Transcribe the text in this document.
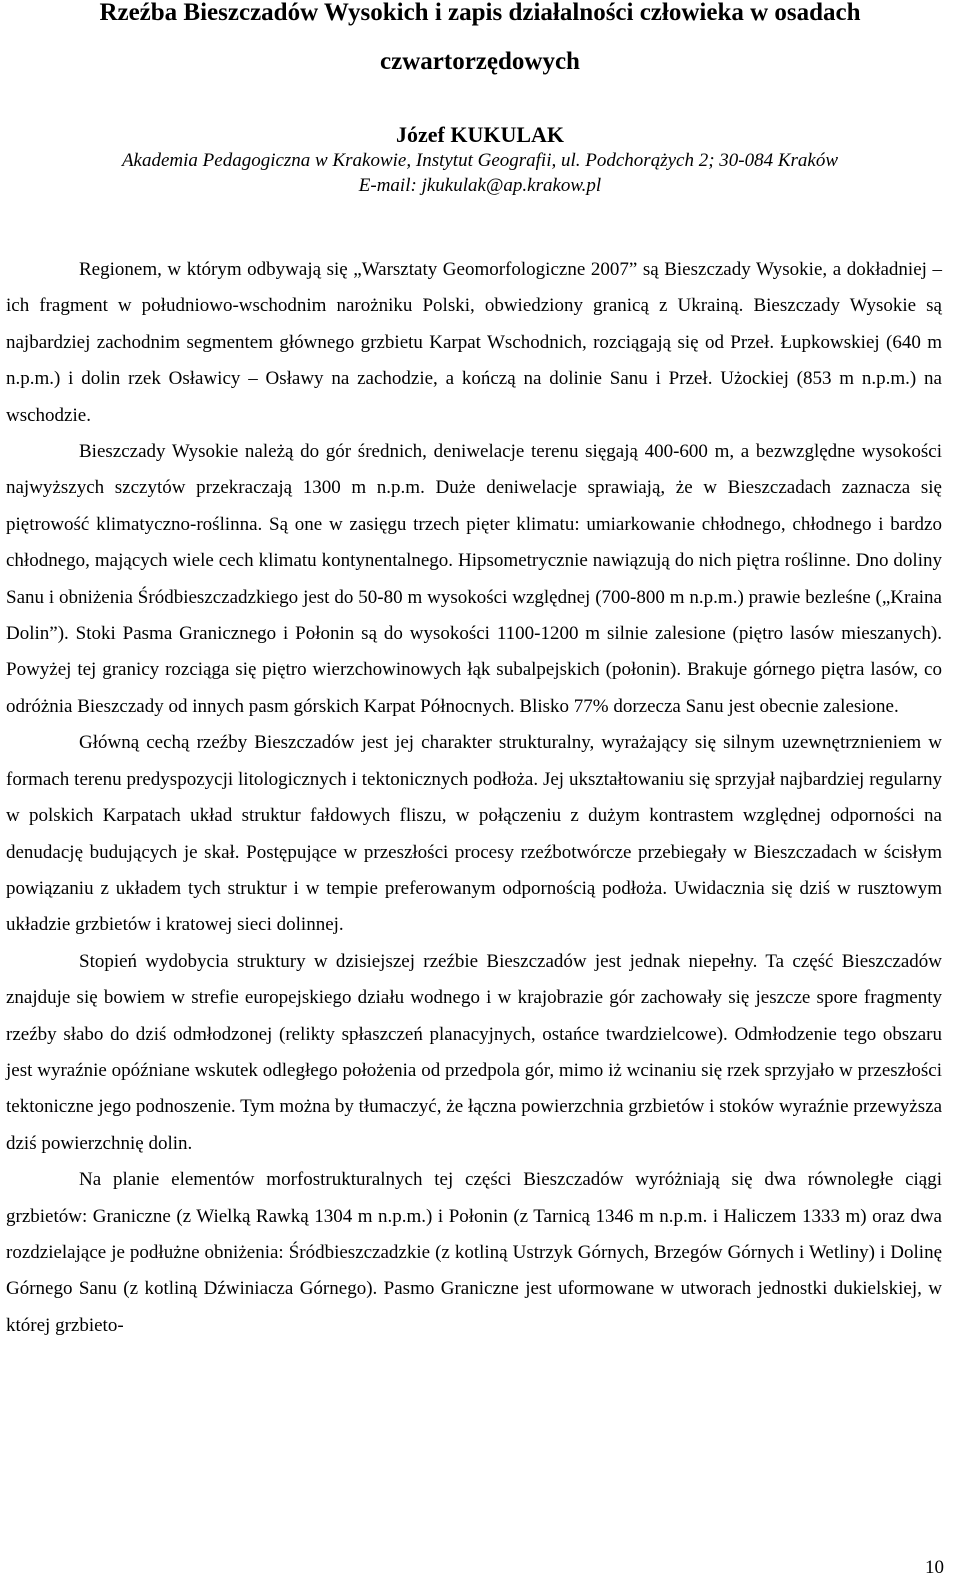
Rzeźba Bieszczadów Wysokich i zapis działalności człowieka w osadach
czwartorzędowych

Józef KUKULAK

Akademia Pedagogiczna w Krakowie, Instytut Geografii, ul. Podchorążych 2; 30-084 Kraków

E-mail: jkukulak@ap.krakow.pl

Regionem, w którym odbywają się „Warsztaty Geomorfologiczne 2007” są Bieszczady Wysokie, a dokładniej – ich fragment w południowo-wschodnim narożniku Polski, obwiedziony granicą z Ukrainą. Bieszczady Wysokie są najbardziej zachodnim segmentem głównego grzbietu Karpat Wschodnich, rozciągają się od Przeł. Łupkowskiej (640 m n.p.m.) i dolin rzek Osławicy – Osławy na zachodzie, a kończą na dolinie Sanu i Przeł. Użockiej (853 m n.p.m.) na wschodzie.

Bieszczady Wysokie należą do gór średnich, deniwelacje terenu sięgają 400-600 m, a bezwzględne wysokości najwyższych szczytów przekraczają 1300 m n.p.m. Duże deniwelacje sprawiają, że w Bieszczadach zaznacza się piętrowość klimatyczno-roślinna. Są one w zasięgu trzech pięter klimatu: umiarkowanie chłodnego, chłodnego i bardzo chłodnego, mających wiele cech klimatu kontynentalnego. Hipsometrycznie nawiązują do nich piętra roślinne. Dno doliny Sanu i obniżenia Śródbieszczadzkiego jest do 50-80 m wysokości względnej (700-800 m n.p.m.) prawie bezleśne („Kraina Dolin”). Stoki Pasma Granicznego i Połonin są do wysokości 1100-1200 m silnie zalesione (piętro lasów mieszanych). Powyżej tej granicy rozciąga się piętro wierzchowinowych łąk subalpejskich (połonin). Brakuje górnego piętra lasów, co odróżnia Bieszczady od innych pasm górskich Karpat Północnych. Blisko 77% dorzecza Sanu jest obecnie zalesione.

Główną cechą rzeźby Bieszczadów jest jej charakter strukturalny, wyrażający się silnym uzewnętrznieniem w formach terenu predyspozycji litologicznych i tektonicznych podłoża. Jej ukształtowaniu się sprzyjał najbardziej regularny w polskich Karpatach układ struktur fałdowych fliszu, w połączeniu z dużym kontrastem względnej odporności na denudację budujących je skał. Postępujące w przeszłości procesy rzeźbotwórcze przebiegały w Bieszczadach w ścisłym powiązaniu z układem tych struktur i w tempie preferowanym odpornością podłoża. Uwidacznia się dziś w rusztowym układzie grzbietów i kratowej sieci dolinnej.

Stopień wydobycia struktury w dzisiejszej rzeźbie Bieszczadów jest jednak niepełny. Ta część Bieszczadów znajduje się bowiem w strefie europejskiego działu wodnego i w krajobrazie gór zachowały się jeszcze spore fragmenty rzeźby słabo do dziś odmłodzonej (relikty spłaszczeń planacyjnych, ostańce twardzielcowe). Odmłodzenie tego obszaru jest wyraźnie opóźniane wskutek odległego położenia od przedpola gór, mimo iż wcinaniu się rzek sprzyjało w przeszłości tektoniczne jego podnoszenie. Tym można by tłumaczyć, że łączna powierzchnia grzbietów i stoków wyraźnie przewyższa dziś powierzchnię dolin.

Na planie elementów morfostrukturalnych tej części Bieszczadów wyróżniają się dwa równoległe ciągi grzbietów: Graniczne (z Wielką Rawką 1304 m n.p.m.) i Połonin (z Tarnicą 1346 m n.p.m. i Haliczem 1333 m) oraz dwa rozdzielające je podłużne obniżenia: Śródbieszczadzkie (z kotliną Ustrzyk Górnych, Brzegów Górnych i Wetliny) i Dolinę Górnego Sanu (z kotliną Dźwiniacza Górnego). Pasmo Graniczne jest uformowane w utworach jednostki dukielskiej, w której grzbieto-

10
